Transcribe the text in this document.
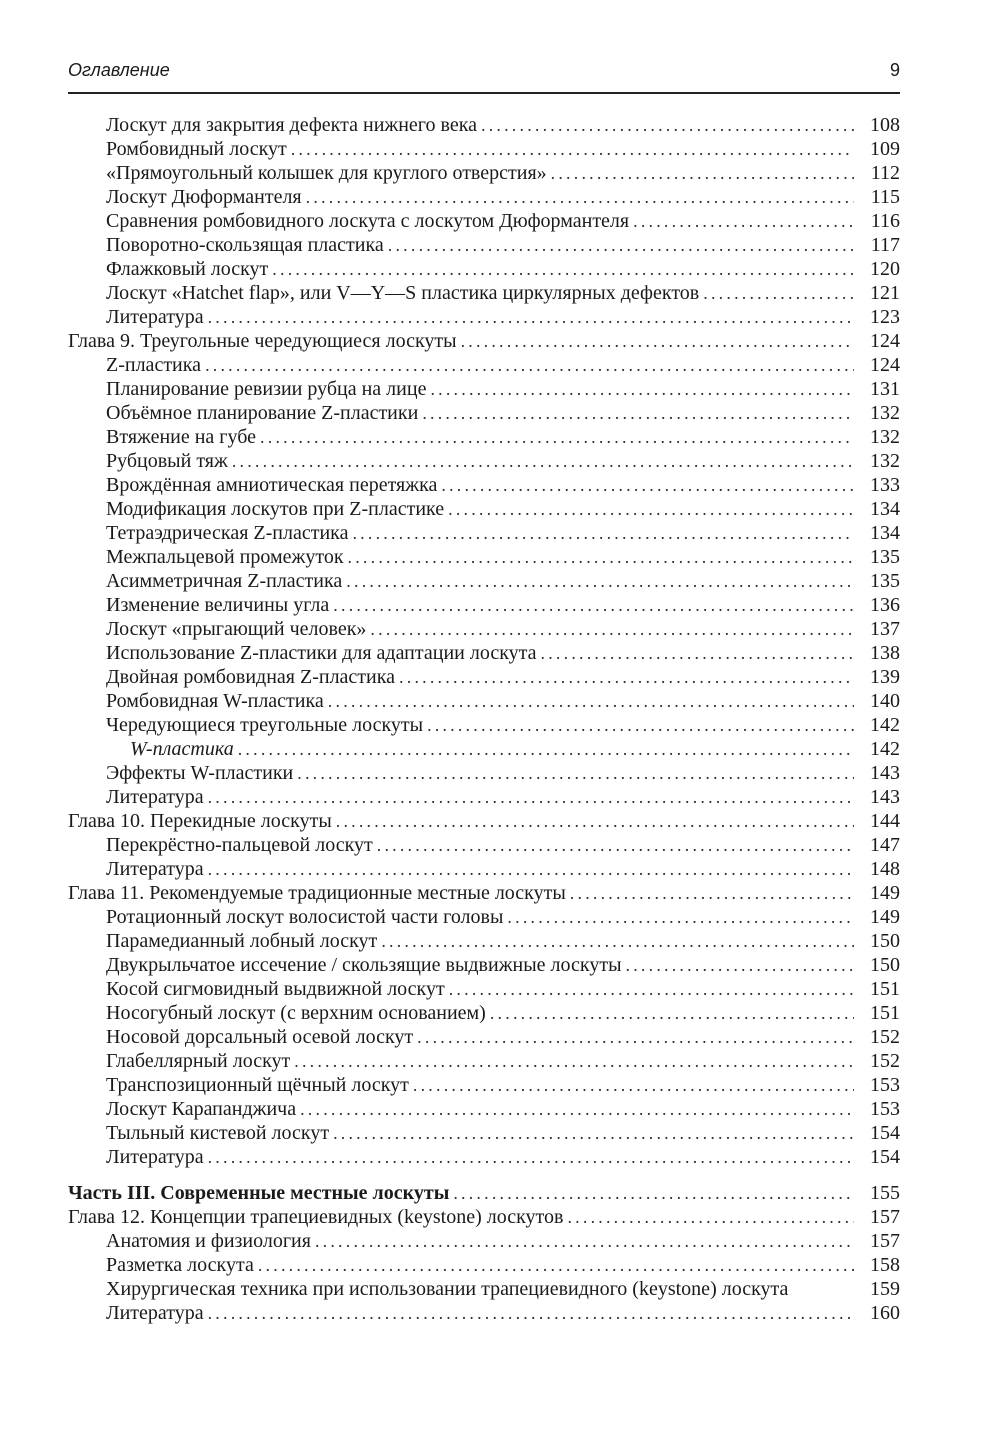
Оглавление	9
Лоскут для закрытия дефекта нижнего века .....	108
Ромбовидный лоскут .....	109
«Прямоугольный колышек для круглого отверстия» .....	112
Лоскут Дюформантеля .....	115
Сравнения ромбовидного лоскута с лоскутом Дюформантеля .....	116
Поворотно-скользящая пластика .....	117
Флажковый лоскут .....	120
Лоскут «Hatchet flap», или V—Y—S пластика циркулярных дефектов .....	121
Литература .....	123
Глава 9. Треугольные чередующиеся лоскуты .....	124
Z-пластика .....	124
Планирование ревизии рубца на лице .....	131
Объёмное планирование Z-пластики .....	132
Втяжение на губе .....	132
Рубцовый тяж .....	132
Врождённая амниотическая перетяжка .....	133
Модификация лоскутов при Z-пластике .....	134
Тетраэдрическая Z-пластика .....	134
Межпальцевой промежуток .....	135
Асимметричная Z-пластика .....	135
Изменение величины угла .....	136
Лоскут «прыгающий человек» .....	137
Использование Z-пластики для адаптации лоскута .....	138
Двойная ромбовидная Z-пластика .....	139
Ромбовидная W-пластика .....	140
Чередующиеся треугольные лоскуты .....	142
W-пластика .....	142
Эффекты W-пластики .....	143
Литература .....	143
Глава 10. Перекидные лоскуты .....	144
Перекрёстно-пальцевой лоскут .....	147
Литература .....	148
Глава 11. Рекомендуемые традиционные местные лоскуты .....	149
Ротационный лоскут волосистой части головы .....	149
Парамедианный лобный лоскут .....	150
Двукрыльчатое иссечение / скользящие выдвижные лоскуты .....	150
Косой сигмовидный выдвижной лоскут .....	151
Носогубный лоскут (с верхним основанием) .....	151
Носовой дорсальный осевой лоскут .....	152
Глабеллярный лоскут .....	152
Транспозиционный щёчный лоскут .....	153
Лоскут Карапанджича .....	153
Тыльный кистевой лоскут .....	154
Литература .....	154
Часть III. Современные местные лоскуты .....	155
Глава 12. Концепции трапециевидных (keystone) лоскутов .....	157
Анатомия и физиология .....	157
Разметка лоскута .....	158
Хирургическая техника при использовании трапециевидного (keystone) лоскута	159
Литература .....	160
